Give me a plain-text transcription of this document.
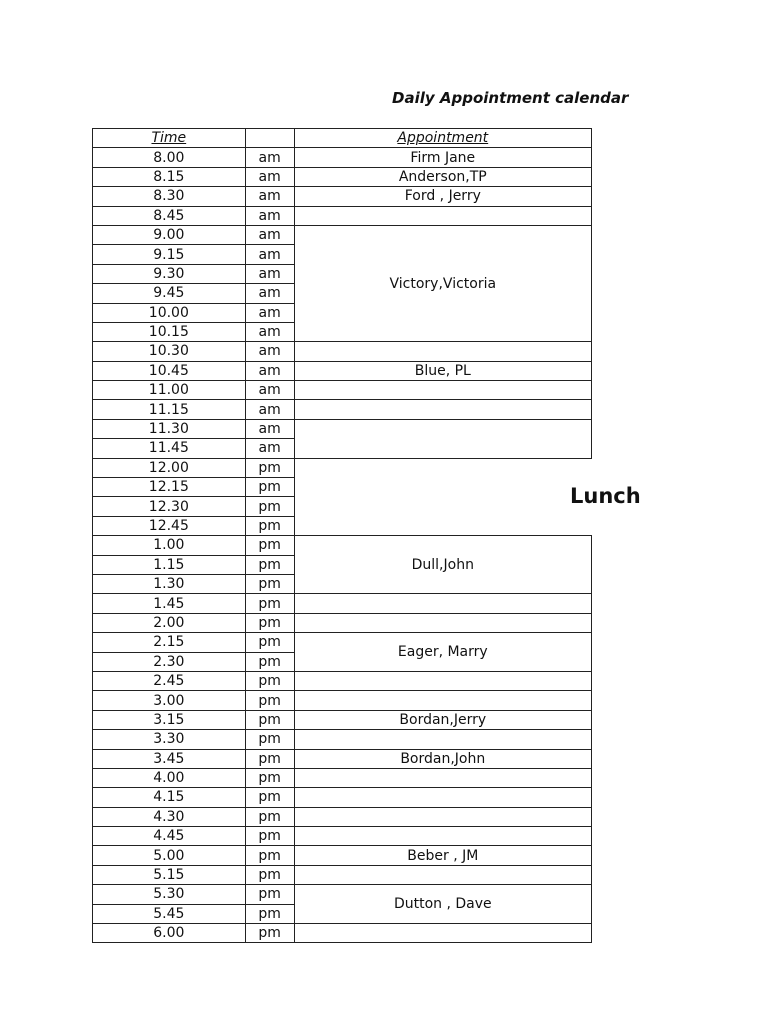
Daily Appointment calendar
Time		Appointment
8.00	am	Firm Jane
8.15	am	Anderson,TP
8.30	am	Ford , Jerry
8.45	am	
9.00	am	Victory,Victoria
9.15	am	
9.30	am	
9.45	am	
10.00	am	
10.15	am	
10.30	am	
10.45	am	Blue, PL
11.00	am	
11.15	am	
11.30	am	
11.45	am	
12.00	pm	
12.15	pm	
12.30	pm	
12.45	pm	
1.00	pm	Dull,John
1.15	pm	
1.30	pm	
1.45	pm	
2.00	pm	
2.15	pm	Eager, Marry
2.30	pm	
2.45	pm	
3.00	pm	
3.15	pm	Bordan,Jerry
3.30	pm	
3.45	pm	Bordan,John
4.00	pm	
4.15	pm	
4.30	pm	
4.45	pm	
5.00	pm	Beber , JM
5.15	pm	
5.30	pm	Dutton , Dave
5.45	pm	
6.00	pm	
Lunch
